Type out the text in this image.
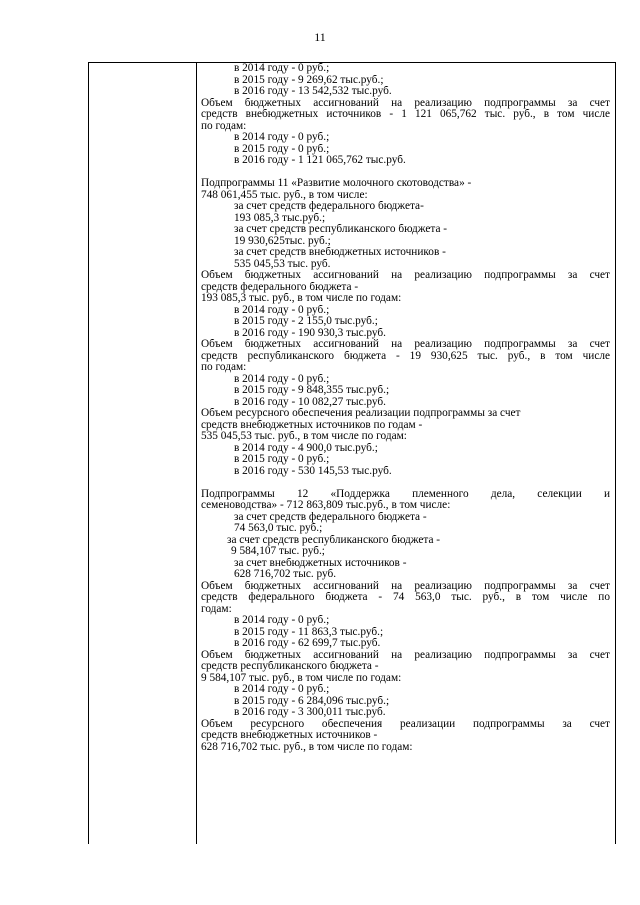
11
в 2014 году - 0 руб.;
в 2015 году - 9 269,62 тыс.руб.;
в 2016 году - 13 542,532 тыс.руб.
Объем бюджетных ассигнований на реализацию подпрограммы за счет
средств внебюджетных источников - 1 121 065,762 тыс. руб., в том числе
по годам:
в 2014 году - 0 руб.;
в 2015 году - 0 руб.;
в 2016 году - 1 121 065,762 тыс.руб.
Подпрограммы 11 «Развитие молочного скотоводства» -
748 061,455 тыс. руб., в том числе:
за счет средств федерального бюджета-
193 085,3 тыс.руб.;
за счет средств республиканского бюджета -
19 930,625тыс. руб.;
за счет средств внебюджетных источников -
535 045,53 тыс. руб.
Объем бюджетных ассигнований на реализацию подпрограммы за счет
средств федерального бюджета -
193 085,3 тыс. руб., в том числе по годам:
в 2014 году - 0 руб.;
в 2015 году - 2 155,0 тыс.руб.;
в 2016 году - 190 930,3 тыс.руб.
Объем бюджетных ассигнований на реализацию подпрограммы за счет
средств республиканского бюджета - 19 930,625 тыс. руб., в том числе
по годам:
в 2014 году - 0 руб.;
в 2015 году - 9 848,355 тыс.руб.;
в 2016 году - 10 082,27 тыс.руб.
Объем ресурсного обеспечения реализации подпрограммы за счет
средств внебюджетных источников по годам -
535 045,53 тыс. руб., в том числе по годам:
в 2014 году - 4 900,0 тыс.руб.;
в 2015 году - 0 руб.;
в 2016 году - 530 145,53 тыс.руб.
Подпрограммы 12 «Поддержка племенного дела, селекции и
семеноводства» - 712 863,809 тыс.руб., в том числе:
за счет средств федерального бюджета -
74 563,0 тыс. руб.;
за счет средств республиканского бюджета -
9 584,107 тыс. руб.;
за счет внебюджетных источников -
628 716,702 тыс. руб.
Объем бюджетных ассигнований на реализацию подпрограммы за счет
средств федерального бюджета - 74 563,0 тыс. руб., в том числе по
годам:
в 2014 году - 0 руб.;
в 2015 году - 11 863,3 тыс.руб.;
в 2016 году - 62 699,7 тыс.руб.
Объем бюджетных ассигнований на реализацию подпрограммы за счет
средств республиканского бюджета -
9 584,107 тыс. руб., в том числе по годам:
в 2014 году - 0 руб.;
в 2015 году - 6 284,096 тыс.руб.;
в 2016 году - 3 300,011 тыс.руб.
Объем ресурсного обеспечения реализации подпрограммы за счет
средств внебюджетных источников -
628 716,702 тыс. руб., в том числе по годам:
